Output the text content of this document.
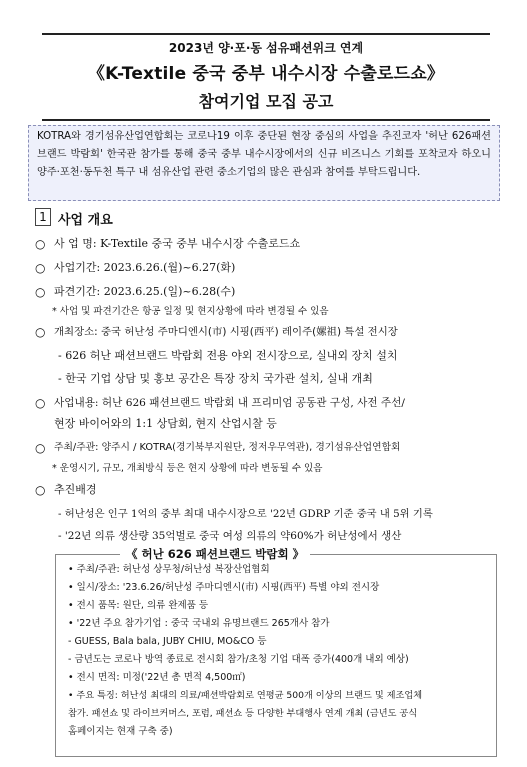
2023년 양·포·동 섬유패션위크 연계
《K-Textile 중국 중부 내수시장 수출로드쇼》
참여기업 모집 공고
KOTRA와 경기섬유산업연합회는 코로나19 이후 중단된 현장 중심의 사업을 추진코자 '허난 626패션 브랜드 박람회' 한국관 참가를 통해 중국 중부 내수시장에서의 신규 비즈니스 기회를 포착코자 하오니 양주·포천·동두천 특구 내 섬유산업 관련 중소기업의 많은 관심과 참여를 부탁드립니다.
1 사업 개요
○ 사 업 명: K-Textile 중국 중부 내수시장 수출로드쇼
○ 사업기간: 2023.6.26.(월)~6.27(화)
○ 파견기간: 2023.6.25.(일)~6.28(수)
* 사업 및 파견기간은 항공 일정 및 현지상황에 따라 변경될 수 있음
○ 개최장소: 중국 허난성 주마디엔시(市) 시핑(西平) 레이주(嫘祖) 특설 전시장
- 626 허난 패션브랜드 박람회 전용 야외 전시장으로, 실내외 장치 설치
- 한국 기업 상담 및 홍보 공간은 특장 장치 국가관 설치, 실내 개최
○ 사업내용: 허난 626 패션브랜드 박람회 내 프리미엄 공동관 구성, 사전 주선/
현장 바이어와의 1:1 상담회, 현지 산업시찰 등
○ 주최/주관: 양주시 / KOTRA(경기북부지원단, 정저우무역관), 경기섬유산업연합회
* 운영시기, 규모, 개최방식 등은 현지 상황에 따라 변동될 수 있음
○ 추진배경
- 허난성은 인구 1억의 중부 최대 내수시장으로 '22년 GDRP 기준 중국 내 5위 기록
- '22년 의류 생산량 35억벌로 중국 여성 의류의 약60%가 허난성에서 생산
《 허난 626 패션브랜드 박람회 》
• 주최/주관: 허난성 상무청/허난성 복장산업협회
• 일시/장소: '23.6.26/허난성 주마디엔시(市) 시핑(西平) 특별 야외 전시장
• 전시 품목: 원단, 의류 완제품 등
• '22년 주요 참가기업 : 중국 국내외 유명브랜드 265개사 참가
- GUESS, Bala bala, JUBY CHIU, MO&CO 등
- 금년도는 코로나 방역 종료로 전시회 참가/초청 기업 대폭 증가(400개 내외 예상)
• 전시 면적: 미정('22년 총 면적 4,500㎡)
• 주요 특징: 허난성 최대의 의료/패션박람회로 연평균 500개 이상의 브랜드 및 제조업체
참가. 패션쇼 및 라이브커머스, 포럼, 패션쇼 등 다양한 부대행사 연계 개최 (금년도 공식
홈페이지는 현재 구축 중)
